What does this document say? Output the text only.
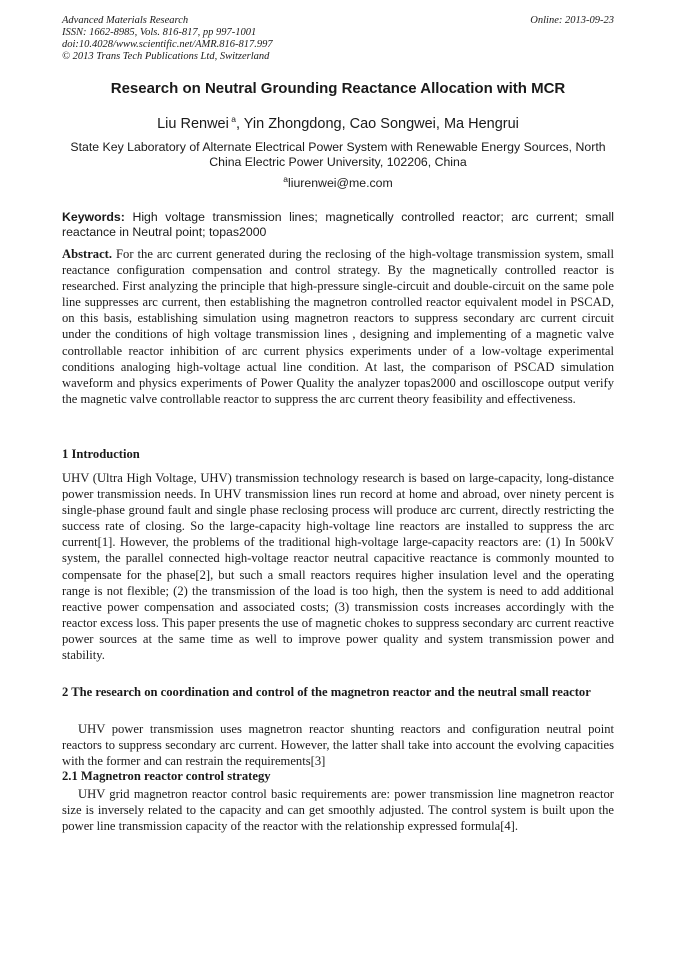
Advanced Materials Research
ISSN: 1662-8985, Vols. 816-817, pp 997-1001
doi:10.4028/www.scientific.net/AMR.816-817.997
© 2013 Trans Tech Publications Ltd, Switzerland
Online: 2013-09-23
Research on Neutral Grounding Reactance Allocation with MCR
Liu Renwei $^a$, Yin Zhongdong, Cao Songwei, Ma Hengrui
State Key Laboratory of Alternate Electrical Power System with Renewable Energy Sources, North China Electric Power University, 102206, China
$^a$liurenwei@me.com
Keywords: High voltage transmission lines; magnetically controlled reactor; arc current; small reactance in Neutral point; topas2000
Abstract. For the arc current generated during the reclosing of the high-voltage transmission system, small reactance configuration compensation and control strategy. By the magnetically controlled reactor is researched. First analyzing the principle that high-pressure single-circuit and double-circuit on the same pole line suppresses arc current, then establishing the magnetron controlled reactor equivalent model in PSCAD, on this basis, establishing simulation using magnetron reactors to suppress secondary arc current circuit under the conditions of high voltage transmission lines , designing and implementing of a magnetic valve controllable reactor inhibition of arc current physics experiments under of a low-voltage experimental conditions analoging high-voltage actual line condition. At last, the comparison of PSCAD simulation waveform and physics experiments of Power Quality the analyzer topas2000 and oscilloscope output verify the magnetic valve controllable reactor to suppress the arc current theory feasibility and effectiveness.
1 Introduction

UHV (Ultra High Voltage, UHV) transmission technology research is based on large-capacity, long-distance power transmission needs. In UHV transmission lines run record at home and abroad, over ninety percent is single-phase ground fault and single phase reclosing process will produce arc current, directly restricting the success rate of closing. So the large-capacity high-voltage line reactors are installed to suppress the arc current[1]. However, the problems of the traditional high-voltage large-capacity reactors are: (1) In 500kV system, the parallel connected high-voltage reactor neutral capacitive reactance is commonly mounted to compensate for the phase[2], but such a small reactors requires higher insulation level and the operating range is not flexible; (2) the transmission of the load is too high, then the system is need to add additional reactive power compensation and associated costs; (3) transmission costs increases accordingly with the reactor excess loss. This paper presents the use of magnetic chokes to suppress secondary arc current reactive power sources at the same time as well to improve power quality and system transmission power and stability.

2 The research on coordination and control of the magnetron reactor and the neutral small reactor

UHV power transmission uses magnetron reactor shunting reactors and configuration neutral point reactors to suppress secondary arc current. However, the latter shall take into account the evolving capacities with the former and can restrain the requirements[3]

2.1 Magnetron reactor control strategy

UHV grid magnetron reactor control basic requirements are: power transmission line magnetron reactor size is inversely related to the capacity and can get smoothly adjusted. The control system is built upon the power line transmission capacity of the reactor with the relationship expressed formula[4].
